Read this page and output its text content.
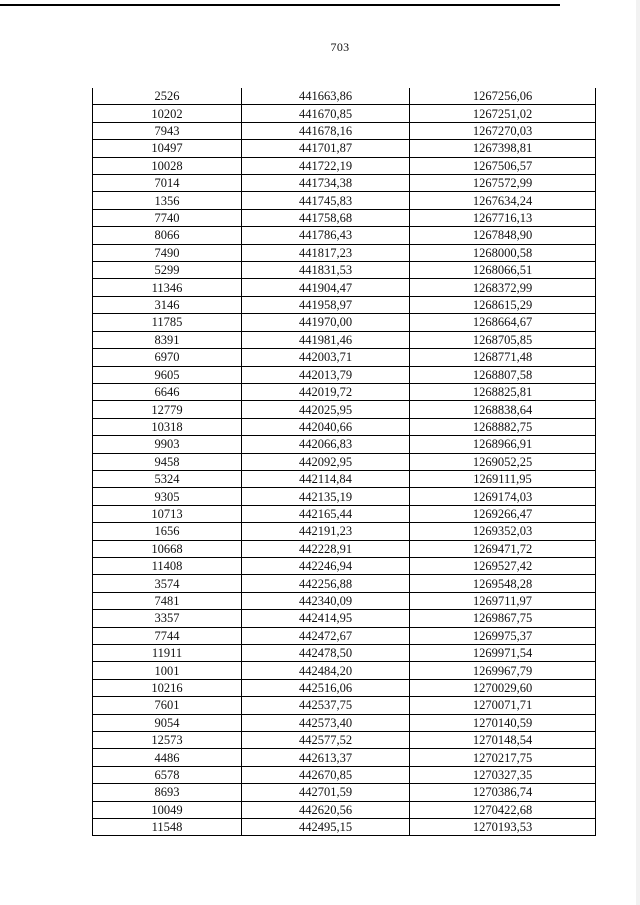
703
2526	441663,86	1267256,06
10202	441670,85	1267251,02
7943	441678,16	1267270,03
10497	441701,87	1267398,81
10028	441722,19	1267506,57
7014	441734,38	1267572,99
1356	441745,83	1267634,24
7740	441758,68	1267716,13
8066	441786,43	1267848,90
7490	441817,23	1268000,58
5299	441831,53	1268066,51
11346	441904,47	1268372,99
3146	441958,97	1268615,29
11785	441970,00	1268664,67
8391	441981,46	1268705,85
6970	442003,71	1268771,48
9605	442013,79	1268807,58
6646	442019,72	1268825,81
12779	442025,95	1268838,64
10318	442040,66	1268882,75
9903	442066,83	1268966,91
9458	442092,95	1269052,25
5324	442114,84	1269111,95
9305	442135,19	1269174,03
10713	442165,44	1269266,47
1656	442191,23	1269352,03
10668	442228,91	1269471,72
11408	442246,94	1269527,42
3574	442256,88	1269548,28
7481	442340,09	1269711,97
3357	442414,95	1269867,75
7744	442472,67	1269975,37
11911	442478,50	1269971,54
1001	442484,20	1269967,79
10216	442516,06	1270029,60
7601	442537,75	1270071,71
9054	442573,40	1270140,59
12573	442577,52	1270148,54
4486	442613,37	1270217,75
6578	442670,85	1270327,35
8693	442701,59	1270386,74
10049	442620,56	1270422,68
11548	442495,15	1270193,53
